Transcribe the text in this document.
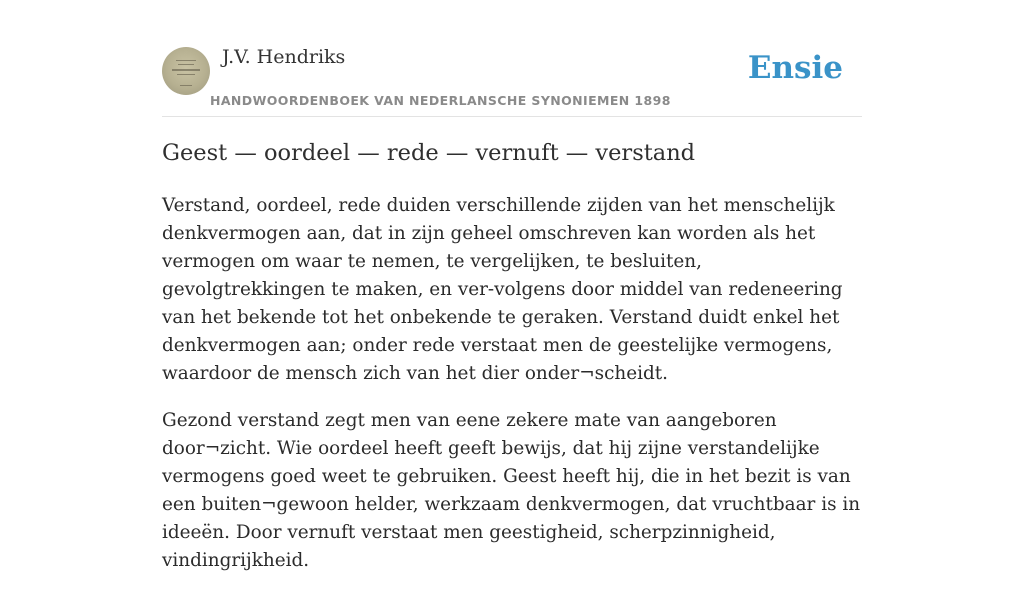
J.V. Hendriks
HANDWOORDENBOEK VAN NEDERLANSCHE SYNONIEMEN 1898
Ensie
Geest — oordeel — rede — vernuft — verstand

Verstand, oordeel, rede duiden verschillende zijden van het menschelijk denkvermogen aan, dat in zijn geheel omschreven kan worden als het vermogen om waar te nemen, te vergelijken, te besluiten, gevolgtrekkingen te maken, en ver-volgens door middel van redeneering van het bekende tot het onbekende te geraken. Verstand duidt enkel het denkvermogen aan; onder rede verstaat men de geestelijke vermogens, waardoor de mensch zich van het dier onder¬scheidt.

Gezond verstand zegt men van eene zekere mate van aangeboren door¬zicht. Wie oordeel heeft geeft bewijs, dat hij zijne verstandelijke vermogens goed weet te gebruiken. Geest heeft hij, die in het bezit is van een buiten¬gewoon helder, werkzaam denkvermogen, dat vruchtbaar is in ideeën. Door vernuft verstaat men geestigheid, scherpzinnigheid, vindingrijkheid.
